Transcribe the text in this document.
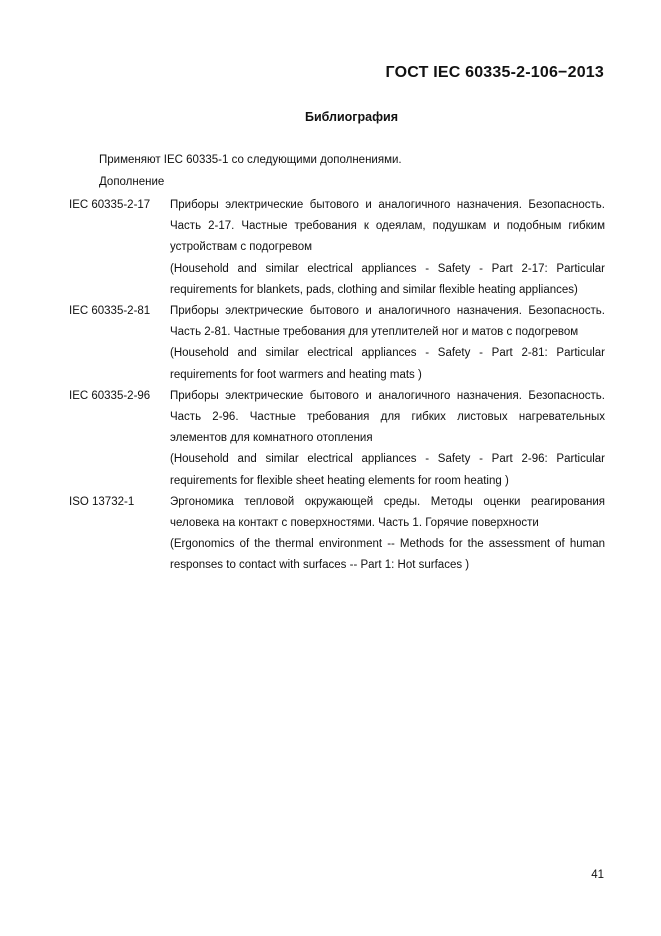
ГОСТ IEC 60335-2-106−2013
Библиография
Применяют IEC 60335-1 со следующими дополнениями.
Дополнение
IEC 60335-2-17	Приборы электрические бытового и аналогичного назначения. Безопасность. Часть 2-17. Частные требования к одеялам, подушкам и подобным гибким устройствам с подогревом

(Household and similar electrical appliances - Safety - Part 2-17: Particular requirements for blankets, pads, clothing and similar flexible heating appliances)

IEC 60335-2-81	Приборы электрические бытового и аналогичного назначения. Безопасность. Часть 2-81. Частные требования для утеплителей ног и матов с подогревом

(Household and similar electrical appliances - Safety - Part 2-81: Particular requirements for foot warmers and heating mats )

IEC 60335-2-96	Приборы электрические бытового и аналогичного назначения. Безопасность. Часть 2-96. Частные требования для гибких листовых нагревательных элементов для комнатного отопления

(Household and similar electrical appliances - Safety - Part 2-96: Particular requirements for flexible sheet heating elements for room heating )

ISO 13732-1	Эргономика тепловой окружающей среды. Методы оценки реагирования человека на контакт с поверхностями. Часть 1. Горячие поверхности

(Ergonomics of the thermal environment -- Methods for the assessment of human responses to contact with surfaces -- Part 1: Hot surfaces )

41
